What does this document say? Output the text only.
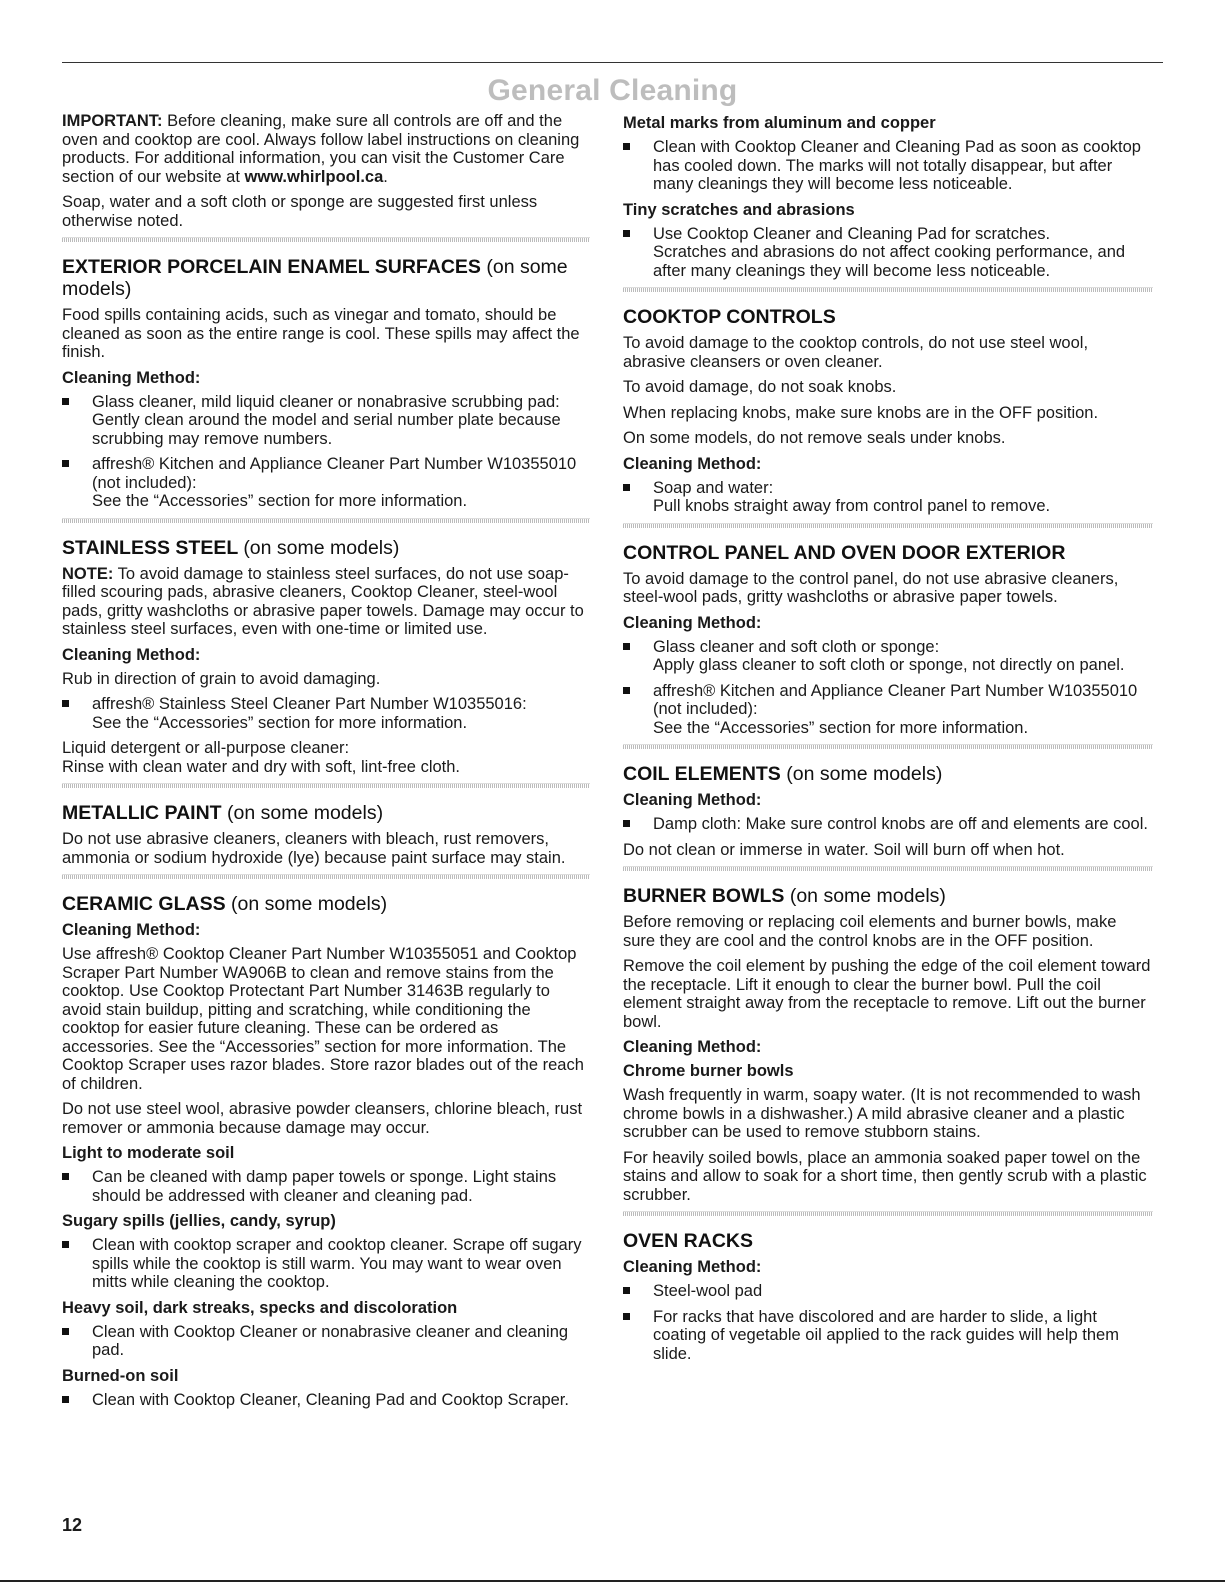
General Cleaning

IMPORTANT: Before cleaning, make sure all controls are off and the oven and cooktop are cool. Always follow label instructions on cleaning products. For additional information, you can visit the Customer Care section of our website at www.whirlpool.ca.

Soap, water and a soft cloth or sponge are suggested first unless otherwise noted.

EXTERIOR PORCELAIN ENAMEL SURFACES (on some models)

Food spills containing acids, such as vinegar and tomato, should be cleaned as soon as the entire range is cool. These spills may affect the finish.

Cleaning Method:
Glass cleaner, mild liquid cleaner or nonabrasive scrubbing pad:
Gently clean around the model and serial number plate because scrubbing may remove numbers.
affresh® Kitchen and Appliance Cleaner Part Number W10355010 (not included):
See the “Accessories” section for more information.
STAINLESS STEEL (on some models)

NOTE: To avoid damage to stainless steel surfaces, do not use soap-filled scouring pads, abrasive cleaners, Cooktop Cleaner, steel-wool pads, gritty washcloths or abrasive paper towels. Damage may occur to stainless steel surfaces, even with one-time or limited use.

Cleaning Method:

Rub in direction of grain to avoid damaging.

affresh® Stainless Steel Cleaner Part Number W10355016:
See the “Accessories” section for more information.

Liquid detergent or all-purpose cleaner:
Rinse with clean water and dry with soft, lint-free cloth.

METALLIC PAINT (on some models)

Do not use abrasive cleaners, cleaners with bleach, rust removers, ammonia or sodium hydroxide (lye) because paint surface may stain.

CERAMIC GLASS (on some models)
Cleaning Method:

Use affresh® Cooktop Cleaner Part Number W10355051 and Cooktop Scraper Part Number WA906B to clean and remove stains from the cooktop. Use Cooktop Protectant Part Number 31463B regularly to avoid stain buildup, pitting and scratching, while conditioning the cooktop for easier future cleaning. These can be ordered as accessories. See the “Accessories” section for more information. The Cooktop Scraper uses razor blades. Store razor blades out of the reach of children.

Do not use steel wool, abrasive powder cleansers, chlorine bleach, rust remover or ammonia because damage may occur.

Light to moderate soil
Can be cleaned with damp paper towels or sponge. Light stains should be addressed with cleaner and cleaning pad.
Sugary spills (jellies, candy, syrup)
Clean with cooktop scraper and cooktop cleaner. Scrape off sugary spills while the cooktop is still warm. You may want to wear oven mitts while cleaning the cooktop.
Heavy soil, dark streaks, specks and discoloration
Clean with Cooktop Cleaner or nonabrasive cleaner and cleaning pad.
Burned-on soil
Clean with Cooktop Cleaner, Cleaning Pad and Cooktop Scraper.
Metal marks from aluminum and copper
Clean with Cooktop Cleaner and Cleaning Pad as soon as cooktop has cooled down. The marks will not totally disappear, but after many cleanings they will become less noticeable.
Tiny scratches and abrasions
Use Cooktop Cleaner and Cleaning Pad for scratches.
Scratches and abrasions do not affect cooking performance, and after many cleanings they will become less noticeable.
COOKTOP CONTROLS

To avoid damage to the cooktop controls, do not use steel wool, abrasive cleansers or oven cleaner.

To avoid damage, do not soak knobs.

When replacing knobs, make sure knobs are in the OFF position.

On some models, do not remove seals under knobs.

Cleaning Method:
Soap and water:
Pull knobs straight away from control panel to remove.
CONTROL PANEL AND OVEN DOOR EXTERIOR

To avoid damage to the control panel, do not use abrasive cleaners, steel-wool pads, gritty washcloths or abrasive paper towels.

Cleaning Method:
Glass cleaner and soft cloth or sponge:
Apply glass cleaner to soft cloth or sponge, not directly on panel.
affresh® Kitchen and Appliance Cleaner Part Number W10355010 (not included):
See the “Accessories” section for more information.
COIL ELEMENTS (on some models)
Cleaning Method:
Damp cloth: Make sure control knobs are off and elements are cool.

Do not clean or immerse in water. Soil will burn off when hot.

BURNER BOWLS (on some models)

Before removing or replacing coil elements and burner bowls, make sure they are cool and the control knobs are in the OFF position.

Remove the coil element by pushing the edge of the coil element toward the receptacle. Lift it enough to clear the burner bowl. Pull the coil element straight away from the receptacle to remove. Lift out the burner bowl.

Cleaning Method:
Chrome burner bowls

Wash frequently in warm, soapy water. (It is not recommended to wash chrome bowls in a dishwasher.) A mild abrasive cleaner and a plastic scrubber can be used to remove stubborn stains.

For heavily soiled bowls, place an ammonia soaked paper towel on the stains and allow to soak for a short time, then gently scrub with a plastic scrubber.

OVEN RACKS
Cleaning Method:
Steel-wool pad
For racks that have discolored and are harder to slide, a light coating of vegetable oil applied to the rack guides will help them slide.
12
